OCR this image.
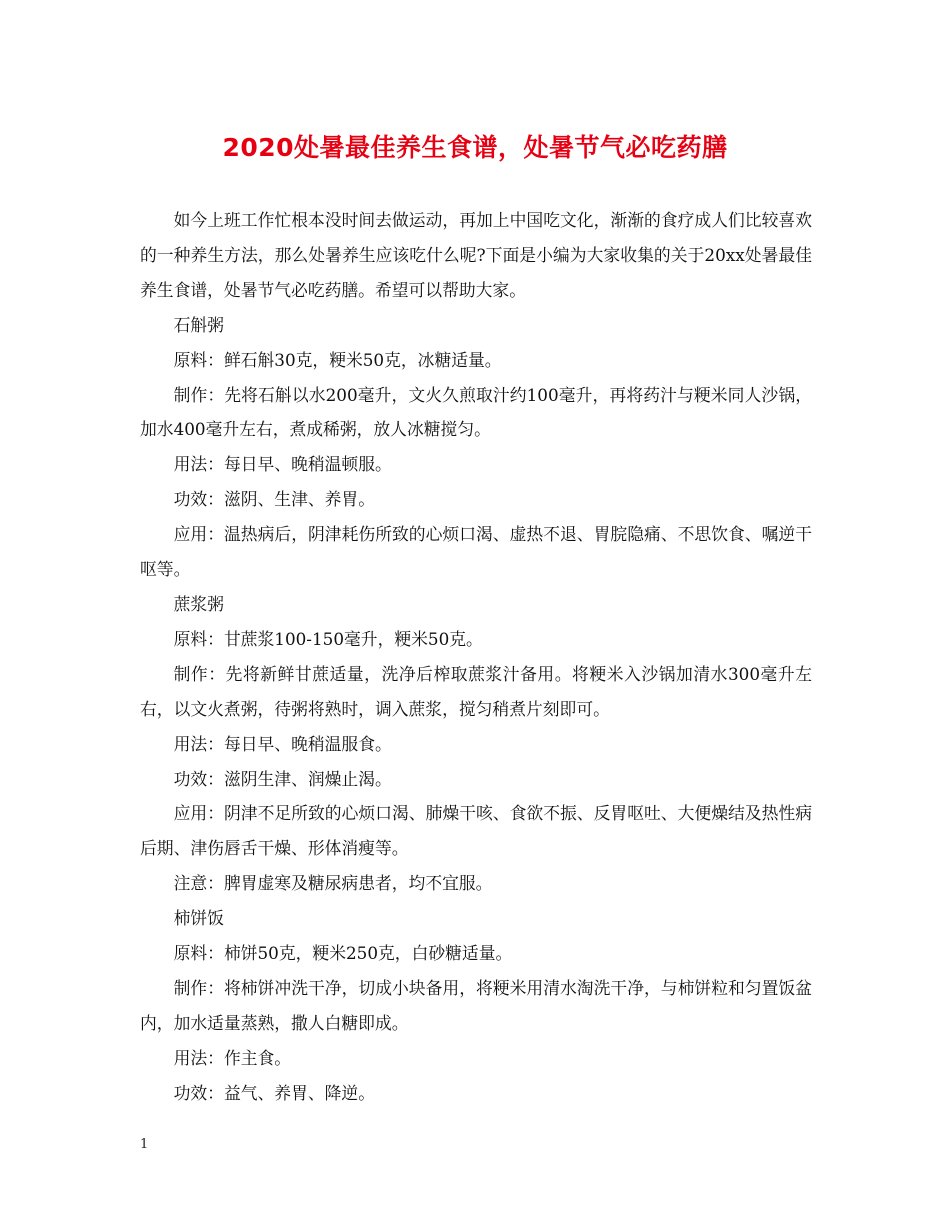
2020处暑最佳养生食谱，处暑节气必吃药膳

如今上班工作忙根本没时间去做运动，再加上中国吃文化，渐渐的食疗成人们比较喜欢的一种养生方法，那么处暑养生应该吃什么呢?下面是小编为大家收集的关于20xx处暑最佳养生食谱，处暑节气必吃药膳。希望可以帮助大家。

石斛粥

原料：鲜石斛30克，粳米50克，冰糖适量。

制作：先将石斛以水200毫升，文火久煎取汁约100毫升，再将药汁与粳米同人沙锅，加水400毫升左右，煮成稀粥，放人冰糖搅匀。

用法：每日早、晚稍温顿服。

功效：滋阴、生津、养胃。

应用：温热病后，阴津耗伤所致的心烦口渴、虚热不退、胃脘隐痛、不思饮食、嘱逆干呕等。

蔗浆粥

原料：甘蔗浆100-150毫升，粳米50克。

制作：先将新鲜甘蔗适量，洗净后榨取蔗浆汁备用。将粳米入沙锅加清水300毫升左右，以文火煮粥，待粥将熟时，调入蔗浆，搅匀稍煮片刻即可。

用法：每日早、晚稍温服食。

功效：滋阴生津、润燥止渴。

应用：阴津不足所致的心烦口渴、肺燥干咳、食欲不振、反胃呕吐、大便燥结及热性病后期、津伤唇舌干燥、形体消瘦等。

注意：脾胃虚寒及糖尿病患者，均不宜服。

柿饼饭

原料：柿饼50克，粳米250克，白砂糖适量。

制作：将柿饼冲洗干净，切成小块备用，将粳米用清水淘洗干净，与柿饼粒和匀置饭盆内，加水适量蒸熟，撒人白糖即成。

用法：作主食。

功效：益气、养胃、降逆。

1
